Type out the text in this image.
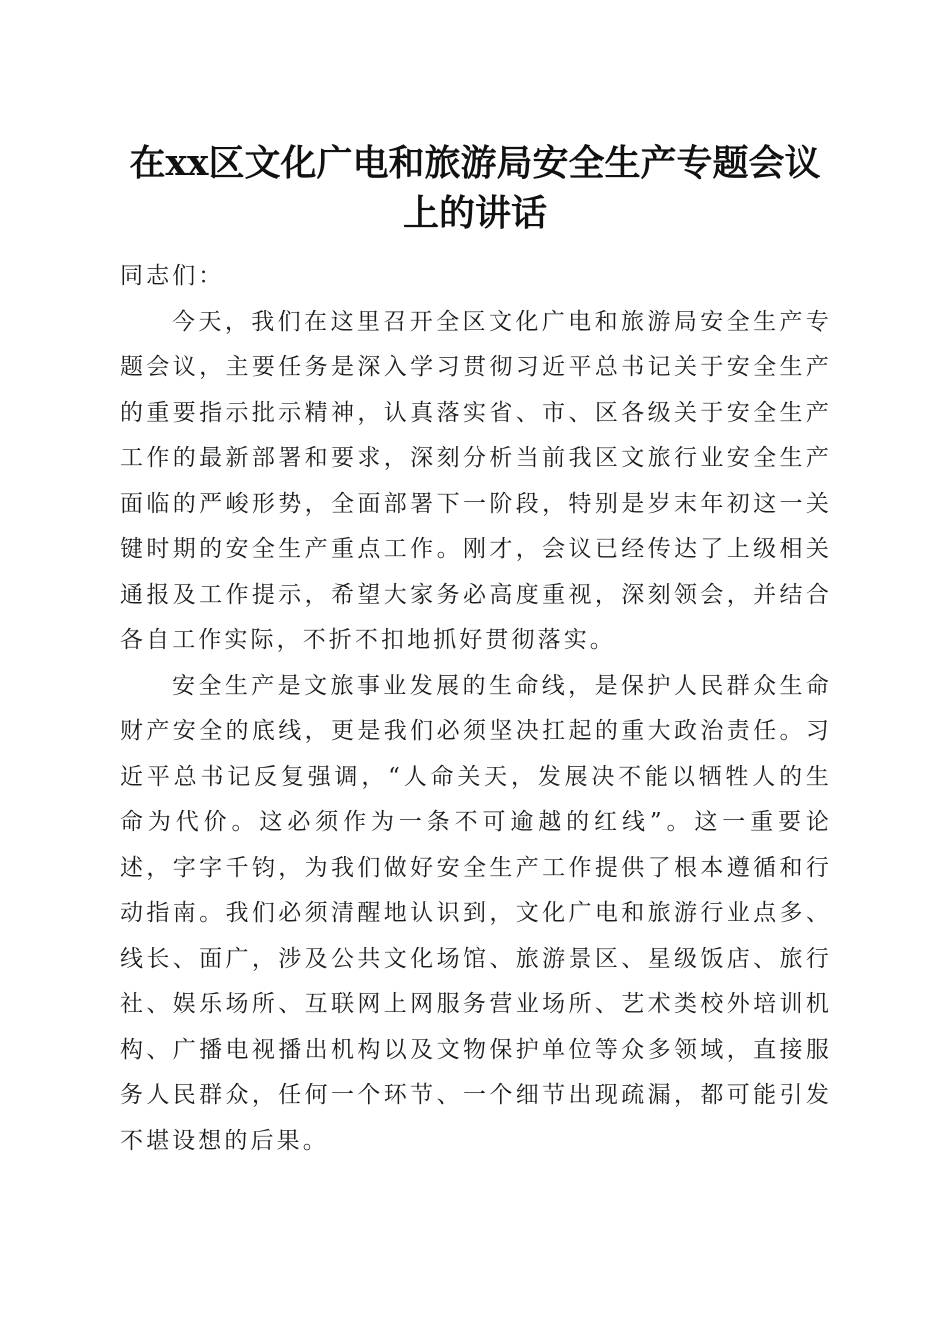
在xx区文化广电和旅游局安全生产专题会议
上的讲话

同志们：

今天，我们在这里召开全区文化广电和旅游局安全生产专题会议，主要任务是深入学习贯彻习近平总书记关于安全生产的重要指示批示精神，认真落实省、市、区各级关于安全生产工作的最新部署和要求，深刻分析当前我区文旅行业安全生产面临的严峻形势，全面部署下一阶段，特别是岁末年初这一关键时期的安全生产重点工作。刚才，会议已经传达了上级相关通报及工作提示，希望大家务必高度重视，深刻领会，并结合各自工作实际，不折不扣地抓好贯彻落实。

安全生产是文旅事业发展的生命线，是保护人民群众生命财产安全的底线，更是我们必须坚决扛起的重大政治责任。习近平总书记反复强调，“人命关天，发展决不能以牺牲人的生命为代价。这必须作为一条不可逾越的红线”。这一重要论述，字字千钧，为我们做好安全生产工作提供了根本遵循和行动指南。我们必须清醒地认识到，文化广电和旅游行业点多、线长、面广，涉及公共文化场馆、旅游景区、星级饭店、旅行社、娱乐场所、互联网上网服务营业场所、艺术类校外培训机构、广播电视播出机构以及文物保护单位等众多领域，直接服务人民群众，任何一个环节、一个细节出现疏漏，都可能引发不堪设想的后果。
